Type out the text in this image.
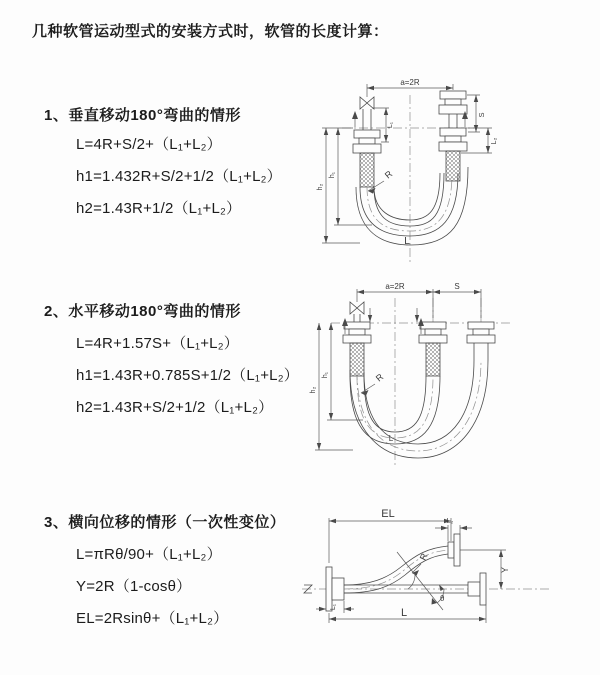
几种软管运动型式的安装方式时，软管的长度计算：
1、垂直移动180°弯曲的情形
L=4R+S/2+（L₁+L₂）
h1=1.432R+S/2+1/2（L₁+L₂）
h2=1.43R+1/2（L₁+L₂）
2、水平移动180°弯曲的情形
L=4R+1.57S+（L₁+L₂）
h1=1.43R+0.785S+1/2（L₁+L₂）
h2=1.43R+S/2+1/2（L₁+L₂）
3、横向位移的情形（一次性变位）
L=πRθ/90+（L₁+L₂）
Y=2R（1-cosθ）
EL=2Rsinθ+（L₁+L₂）
a=2R
S
L₂
h₁
h₂
L₁
R
L
a=2R	S
h₂
h₁	R
L
EL
L₂
Y
L
L₁
R
θ
